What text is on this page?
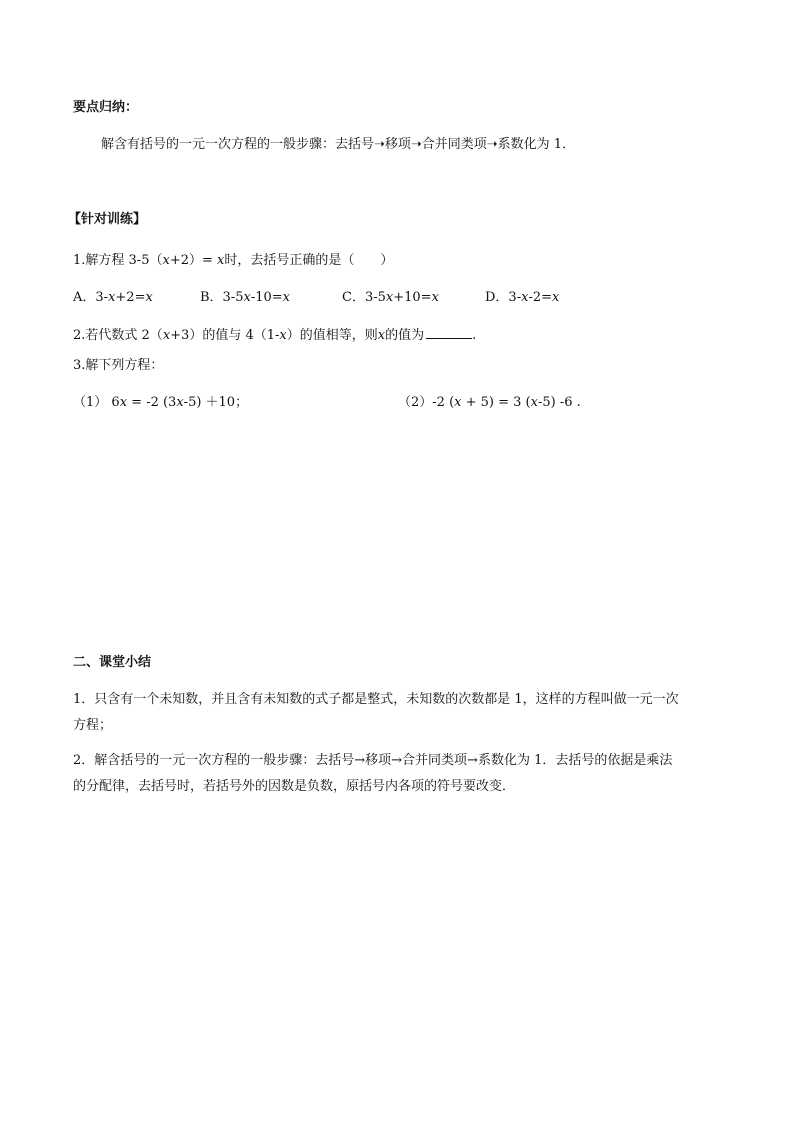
要点归纳：
解含有括号的一元一次方程的一般步骤：去括号➝移项➝合并同类项➝系数化为 1．
【针对训练】
1.解方程 3-5（x+2）= x时，去括号正确的是（　　）
A．3-x+2=x	B．3-5x-10=x	C．3-5x+10=x	D．3-x-2=x
2.若代数式 2（x+3）的值与 4（1-x）的值相等，则x的值为	.
3.解下列方程：
（1） 6x = -2 (3x-5) ＋10；	（2）-2 (x + 5) = 3 (x-5) -6 .
二、课堂小结
1．只含有一个未知数，并且含有未知数的式子都是整式，未知数的次数都是 1，这样的方程叫做一元一次
方程；
2．解含括号的一元一次方程的一般步骤：去括号→移项→合并同类项→系数化为 1．去括号的依据是乘法
的分配律，去括号时，若括号外的因数是负数，原括号内各项的符号要改变．
